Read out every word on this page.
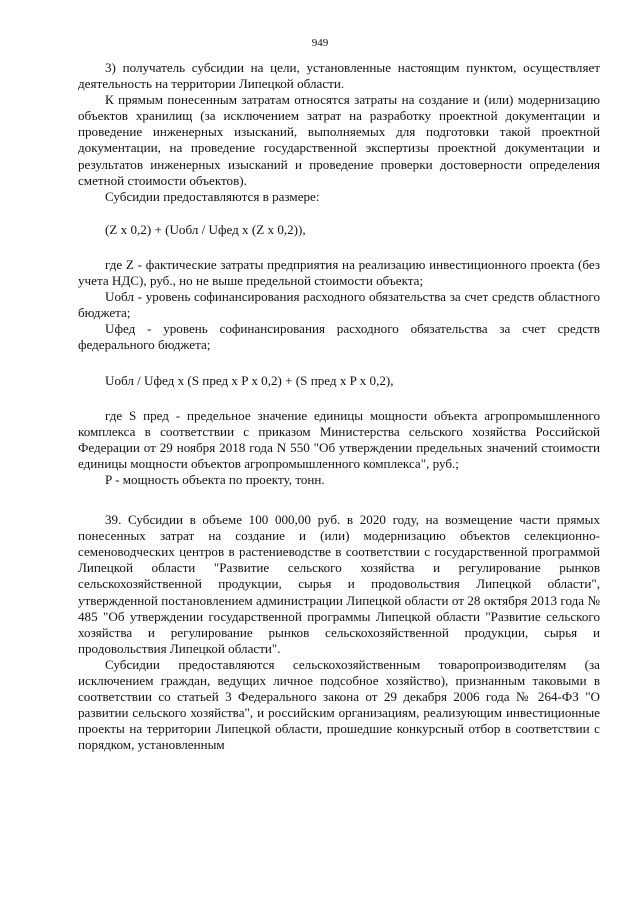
949

3) получатель субсидии на цели, установленные настоящим пунктом, осуществляет деятельность на территории Липецкой области.

К прямым понесенным затратам относятся затраты на создание и (или) модернизацию объектов хранилищ (за исключением затрат на разработку проектной документации и проведение инженерных изысканий, выполняемых для подготовки такой проектной документации, на проведение государственной экспертизы проектной документации и результатов инженерных изысканий и проведение проверки достоверности определения сметной стоимости объектов).

Субсидии предоставляются в размере:

(Z x 0,2) + (Uобл / Uфед x (Z x 0,2)),

где Z - фактические затраты предприятия на реализацию инвестиционного проекта (без учета НДС), руб., но не выше предельной стоимости объекта;

Uобл - уровень софинансирования расходного обязательства за счет средств областного бюджета;

Uфед - уровень софинансирования расходного обязательства за счет средств федерального бюджета;

Uобл / Uфед x (S пред x P x 0,2) + (S пред x P x 0,2),

где S пред - предельное значение единицы мощности объекта агропромышленного комплекса в соответствии с приказом Министерства сельского хозяйства Российской Федерации от 29 ноября 2018 года N 550 "Об утверждении предельных значений стоимости единицы мощности объектов агропромышленного комплекса", руб.;

P - мощность объекта по проекту, тонн.

39. Субсидии в объеме 100 000,00 руб. в 2020 году, на возмещение части прямых понесенных затрат на создание и (или) модернизацию объектов селекционно-семеноводческих центров в растениеводстве в соответствии с государственной программой Липецкой области "Развитие сельского хозяйства и регулирование рынков сельскохозяйственной продукции, сырья и продовольствия Липецкой области", утвержденной постановлением администрации Липецкой области от 28 октября 2013 года № 485 "Об утверждении государственной программы Липецкой области "Развитие сельского хозяйства и регулирование рынков сельскохозяйственной продукции, сырья и продовольствия Липецкой области".

Субсидии предоставляются сельскохозяйственным товаропроизводителям (за исключением граждан, ведущих личное подсобное хозяйство), признанным таковыми в соответствии со статьей 3 Федерального закона от 29 декабря 2006 года № 264-ФЗ "О развитии сельского хозяйства", и российским организациям, реализующим инвестиционные проекты на территории Липецкой области, прошедшие конкурсный отбор в соответствии с порядком, установленным
